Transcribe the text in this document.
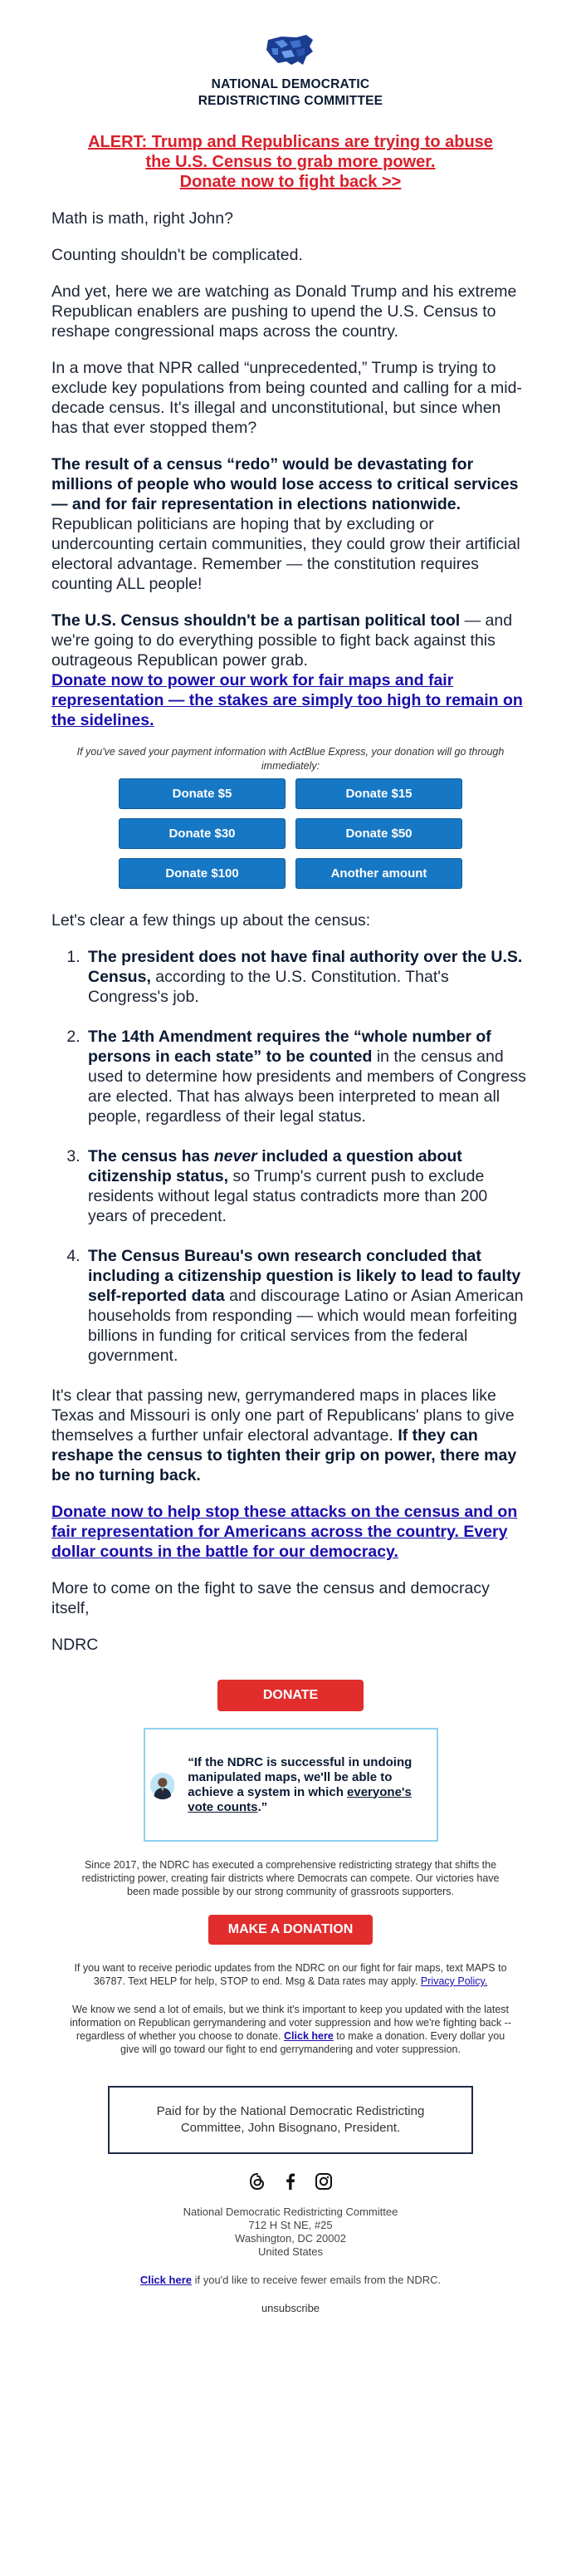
NATIONAL DEMOCRATIC
REDISTRICTING COMMITTEE
ALERT: Trump and Republicans are trying to abuse
the U.S. Census to grab more power.
Donate now to fight back >>

Math is math, right John?

Counting shouldn't be complicated.

And yet, here we are watching as Donald Trump and his extreme Republican enablers are pushing to upend the U.S. Census to reshape congressional maps across the country.

In a move that NPR called “unprecedented,” Trump is trying to exclude key populations from being counted and calling for a mid-decade census. It's illegal and unconstitutional, but since when has that ever stopped them?

The result of a census “redo” would be devastating for millions of people who would lose access to critical services — and for fair representation in elections nationwide. Republican politicians are hoping that by excluding or undercounting certain communities, they could grow their artificial electoral advantage. Remember — the constitution requires counting ALL people!

The U.S. Census shouldn't be a partisan political tool — and we're going to do everything possible to fight back against this outrageous Republican power grab.
Donate now to power our work for fair maps and fair representation — the stakes are simply too high to remain on the sidelines.

If you've saved your payment information with ActBlue Express, your donation will go through immediately:
Donate $5	Donate $15
Donate $30	Donate $50
Donate $100	Another amount

Let's clear a few things up about the census:

1. The president does not have final authority over the U.S. Census, according to the U.S. Constitution. That's Congress's job.
2. The 14th Amendment requires the “whole number of persons in each state” to be counted in the census and used to determine how presidents and members of Congress are elected. That has always been interpreted to mean all people, regardless of their legal status.
3. The census has never included a question about citizenship status, so Trump's current push to exclude residents without legal status contradicts more than 200 years of precedent.
4. The Census Bureau's own research concluded that including a citizenship question is likely to lead to faulty self-reported data and discourage Latino or Asian American households from responding — which would mean forfeiting billions in funding for critical services from the federal government.

It's clear that passing new, gerrymandered maps in places like Texas and Missouri is only one part of Republicans' plans to give themselves a further unfair electoral advantage. If they can reshape the census to tighten their grip on power, there may be no turning back.

Donate now to help stop these attacks on the census and on fair representation for Americans across the country. Every dollar counts in the battle for our democracy.

More to come on the fight to save the census and democracy itself,

NDRC

DONATE
“If the NDRC is successful in undoing manipulated maps, we'll be able to achieve a system in which everyone's vote counts.”
Since 2017, the NDRC has executed a comprehensive redistricting strategy that shifts the redistricting power, creating fair districts where Democrats can compete. Our victories have been made possible by our strong community of grassroots supporters.
MAKE A DONATION
If you want to receive periodic updates from the NDRC on our fight for fair maps, text MAPS to 36787. Text HELP for help, STOP to end. Msg & Data rates may apply. Privacy Policy.
We know we send a lot of emails, but we think it's important to keep you updated with the latest information on Republican gerrymandering and voter suppression and how we're fighting back -- regardless of whether you choose to donate. Click here to make a donation. Every dollar you give will go toward our fight to end gerrymandering and voter suppression.
Paid for by the National Democratic Redistricting Committee, John Bisognano, President.
National Democratic Redistricting Committee
712 H St NE, #25
Washington, DC 20002
United States
Click here if you'd like to receive fewer emails from the NDRC.
unsubscribe
